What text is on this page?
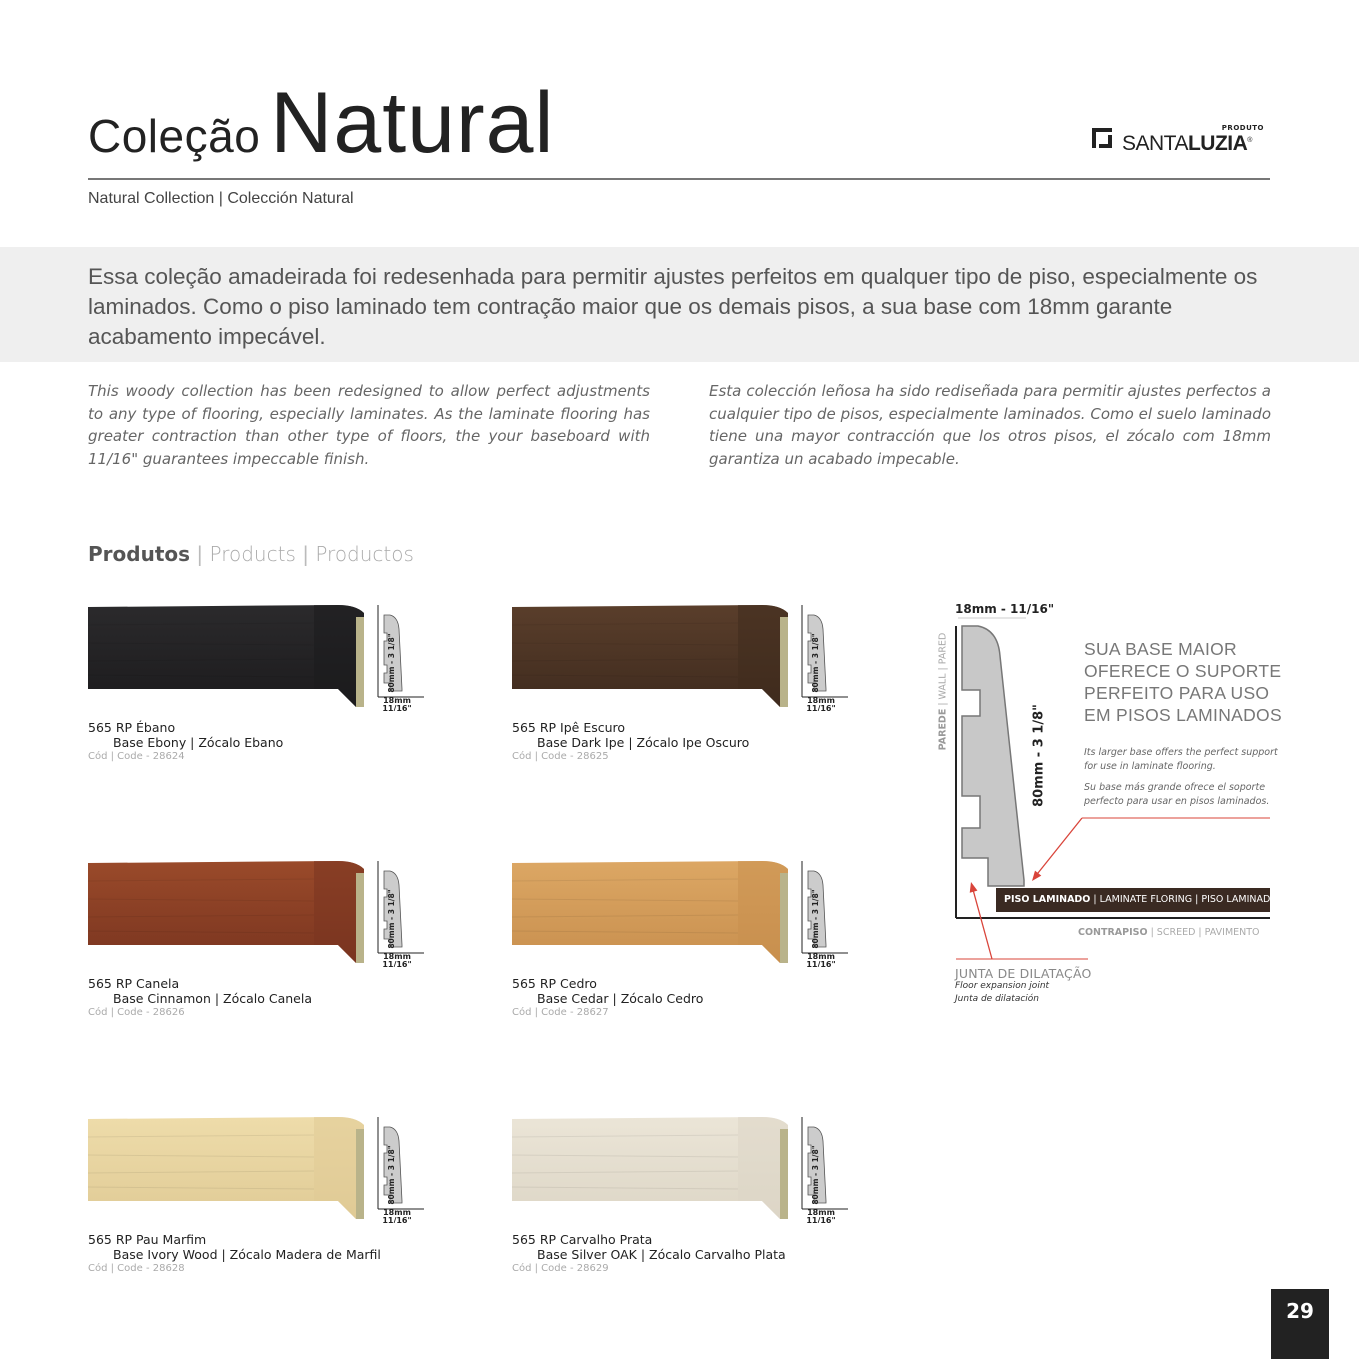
Coleção Natural	PRODUTO
SANTALUZIA®
Natural Collection | Colección Natural
Essa coleção amadeirada foi redesenhada para permitir ajustes perfeitos em qualquer tipo de piso, especialmente os laminados. Como o piso laminado tem contração maior que os demais pisos, a sua base com 18mm garante acabamento impecável.
This woody collection has been redesigned to allow perfect adjustments to any type of flooring, especially laminates. As the laminate flooring has greater contraction than other type of floors, the your baseboard with 11/16" guarantees impeccable finish.
Esta colección leñosa ha sido rediseñada para permitir ajustes perfectos a cualquier tipo de pisos, especialmente laminados. Como el suelo laminado tiene una mayor contracción que los otros pisos, el zócalo com 18mm garantiza un acabado impecable.
Produtos | Products | Productos
80mm - 3 1/8"
18mm
11/16"
565 RP Ébano
Base Ebony | Zócalo Ebano
Cód | Code - 28624
80mm - 3 1/8"
18mm
11/16"
565 RP Ipê Escuro
Base Dark Ipe | Zócalo Ipe Oscuro
Cód | Code - 28625
80mm - 3 1/8"
18mm
11/16"
565 RP Canela
Base Cinnamon | Zócalo Canela
Cód | Code - 28626
80mm - 3 1/8"
18mm
11/16"
565 RP Cedro
Base Cedar | Zócalo Cedro
Cód | Code - 28627
80mm - 3 1/8"
18mm
11/16"
565 RP Pau Marfim
Base Ivory Wood | Zócalo Madera de Marfil
Cód | Code - 28628
80mm - 3 1/8"
18mm
11/16"
565 RP Carvalho Prata
Base Silver OAK | Zócalo Carvalho Plata
Cód | Code - 28629
18mm - 11/16"
80mm - 3 1/8"
PAREDE | WALL | PARED	SUA BASE MAIOR OFERECE O SUPORTE PERFEITO PARA USO EM PISOS LAMINADOS
Its larger base offers the perfect support for use in laminate flooring.
Su base más grande ofrece el soporte perfecto para usar en pisos laminados.
PISO LAMINADO | LAMINATE FLORING | PISO LAMINADO
CONTRAPISO | SCREED | PAVIMENTO
JUNTA DE DILATAÇÃO
Floor expansion joint
Junta de dilatación
29
